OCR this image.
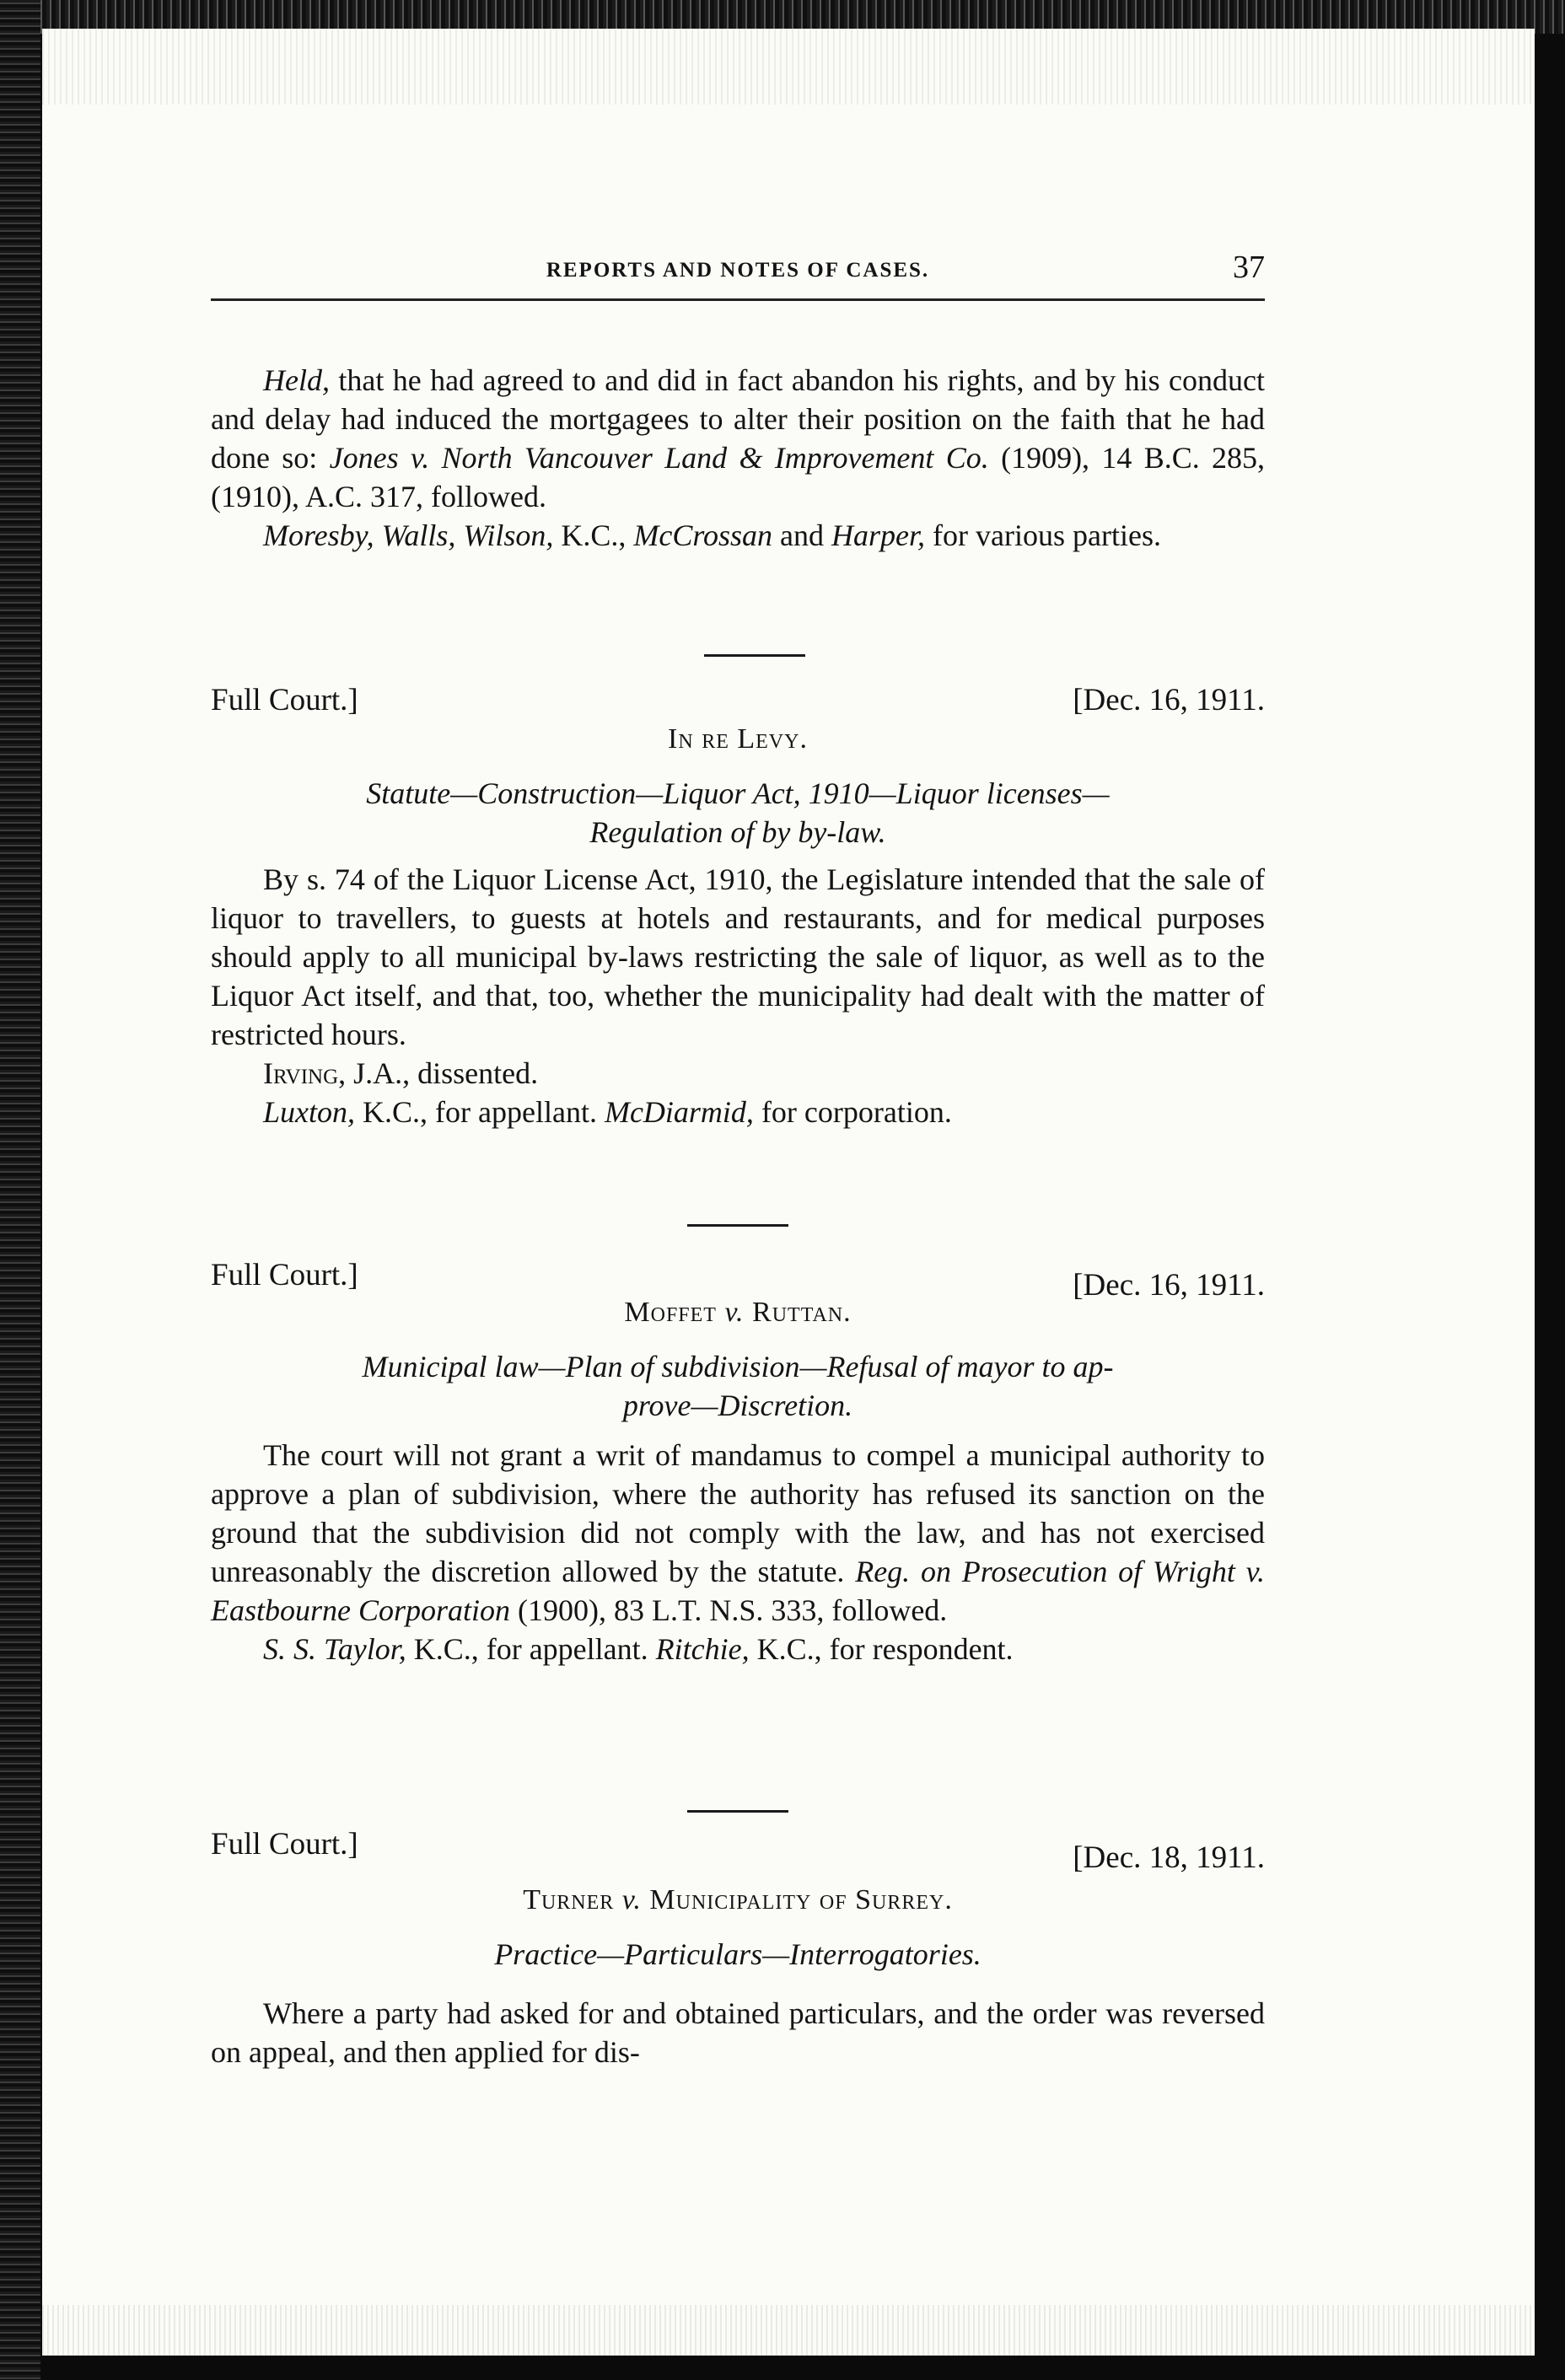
REPORTS AND NOTES OF CASES.	37

Held, that he had agreed to and did in fact abandon his rights, and by his conduct and delay had induced the mortgagees to alter their position on the faith that he had done so: Jones v. North Vancouver Land & Improvement Co. (1909), 14 B.C. 285, (1910), A.C. 317, followed.

Moresby, Walls, Wilson, K.C., McCrossan and Harper, for various parties.

Full Court.]	[Dec. 16, 1911.
In re Levy.
Statute—Construction—Liquor Act, 1910—Liquor licenses—
Regulation of by by-law.

By s. 74 of the Liquor License Act, 1910, the Legislature intended that the sale of liquor to travellers, to guests at hotels and restaurants, and for medical purposes should apply to all municipal by-laws restricting the sale of liquor, as well as to the Liquor Act itself, and that, too, whether the municipality had dealt with the matter of restricted hours.

Irving, J.A., dissented.

Luxton, K.C., for appellant. McDiarmid, for corporation.

Full Court.]	[Dec. 16, 1911.
Moffet v. Ruttan.
Municipal law—Plan of subdivision—Refusal of mayor to ap-
prove—Discretion.

The court will not grant a writ of mandamus to compel a municipal authority to approve a plan of subdivision, where the authority has refused its sanction on the ground that the subdivision did not comply with the law, and has not exercised unreasonably the discretion allowed by the statute. Reg. on Prosecution of Wright v. Eastbourne Corporation (1900), 83 L.T. N.S. 333, followed.

S. S. Taylor, K.C., for appellant. Ritchie, K.C., for respondent.

Full Court.]	[Dec. 18, 1911.
Turner v. Municipality of Surrey.
Practice—Particulars—Interrogatories.

Where a party had asked for and obtained particulars, and the order was reversed on appeal, and then applied for dis-
